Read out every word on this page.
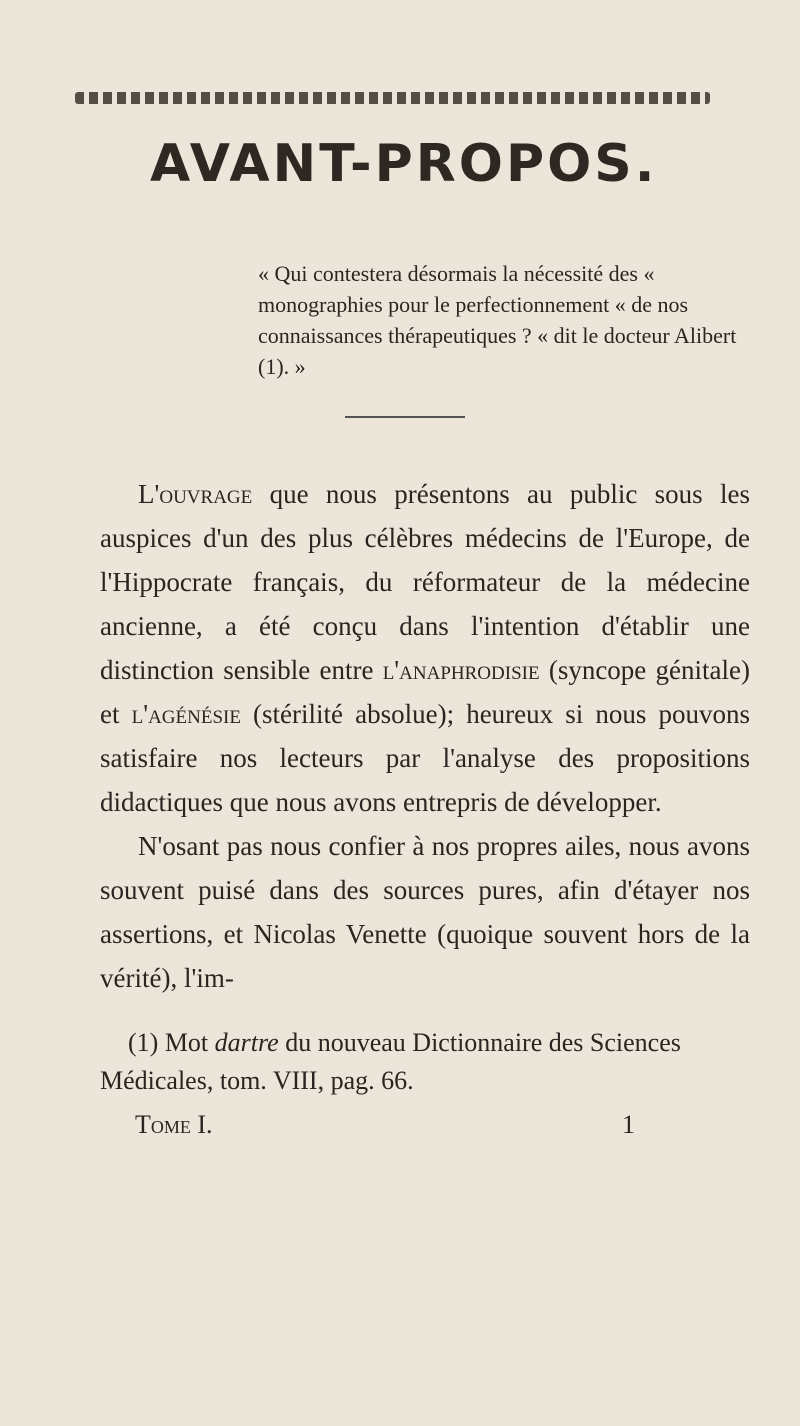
AVANT-PROPOS.
« Qui contestera désormais la nécessité des « monographies pour le perfectionnement « de nos connaissances thérapeutiques ? « dit le docteur Alibert (1). »

L'ouvrage que nous présentons au public sous les auspices d'un des plus célèbres médecins de l'Europe, de l'Hippocrate français, du réformateur de la médecine ancienne, a été conçu dans l'intention d'établir une distinction sensible entre l'anaphrodisie (syncope génitale) et l'agénésie (stérilité absolue); heureux si nous pouvons satisfaire nos lecteurs par l'analyse des propositions didactiques que nous avons entrepris de développer.

N'osant pas nous confier à nos propres ailes, nous avons souvent puisé dans des sources pures, afin d'étayer nos assertions, et Nicolas Venette (quoique souvent hors de la vérité), l'im-

(1) Mot dartre du nouveau Dictionnaire des Sciences Médicales, tom. VIII, pag. 66.
Tome I.	1
